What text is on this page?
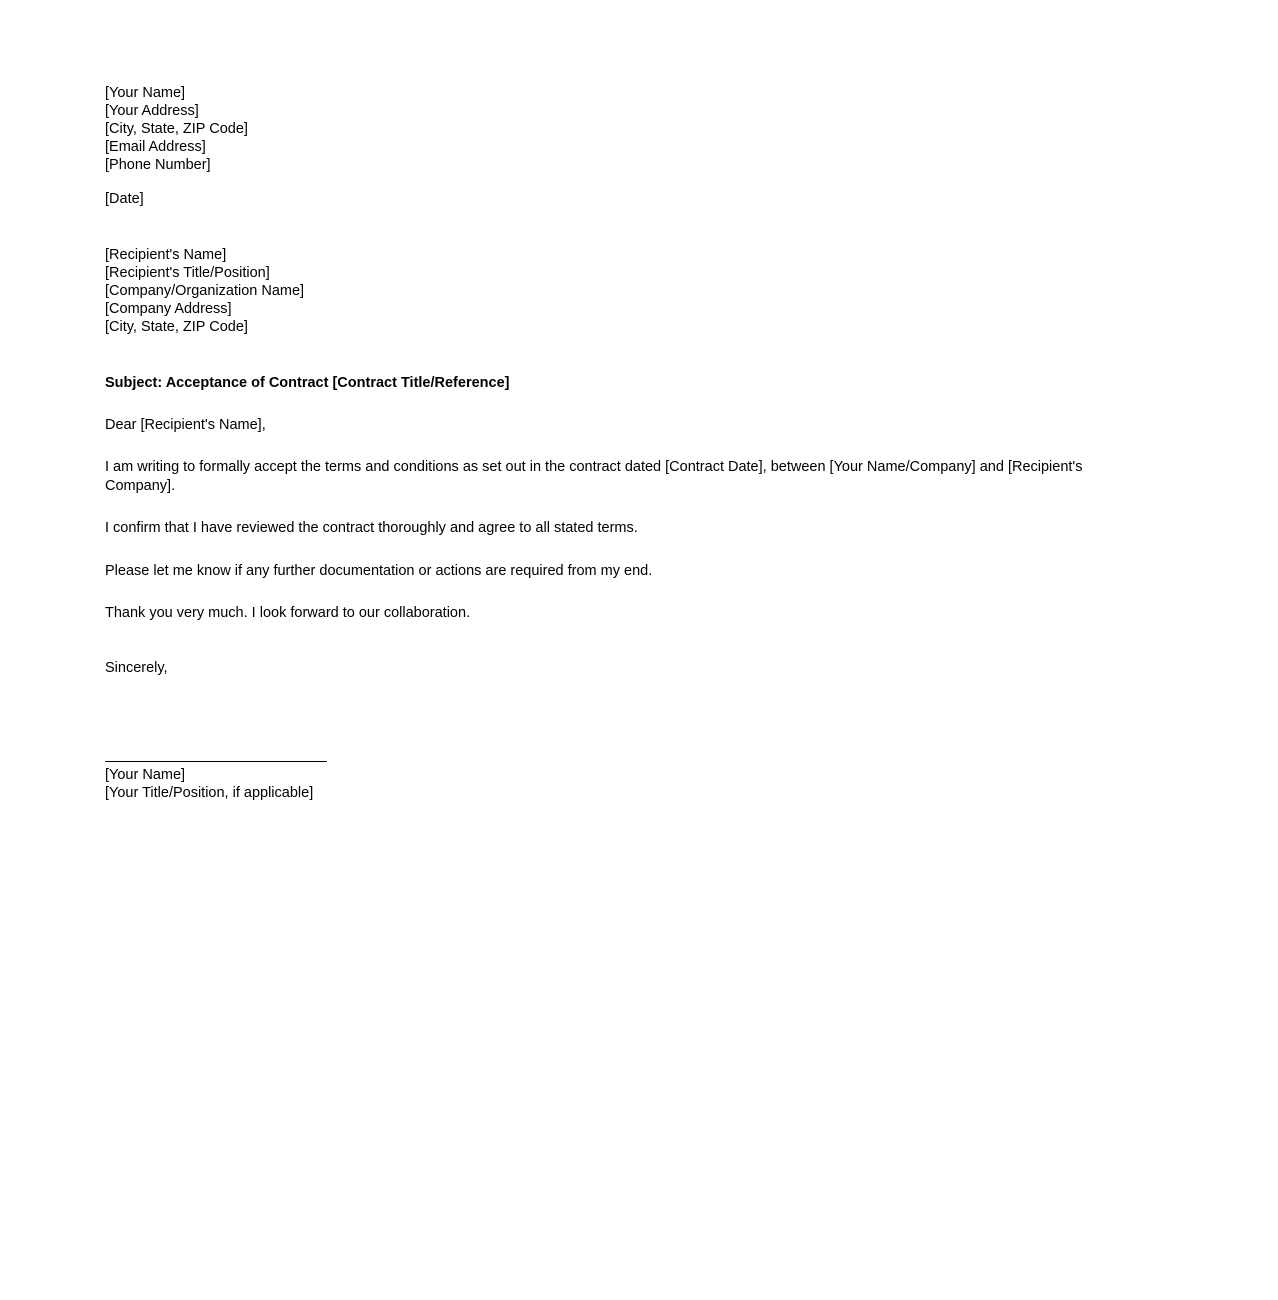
[Your Name]
[Your Address]
[City, State, ZIP Code]
[Email Address]
[Phone Number]
[Date]
[Recipient's Name]
[Recipient's Title/Position]
[Company/Organization Name]
[Company Address]
[City, State, ZIP Code]
Subject: Acceptance of Contract [Contract Title/Reference]
Dear [Recipient's Name],
I am writing to formally accept the terms and conditions as set out in the contract dated [Contract Date], between [Your Name/Company] and [Recipient's Company].
I confirm that I have reviewed the contract thoroughly and agree to all stated terms.
Please let me know if any further documentation or actions are required from my end.
Thank you very much. I look forward to our collaboration.
Sincerely,
[Your Name]
[Your Title/Position, if applicable]
